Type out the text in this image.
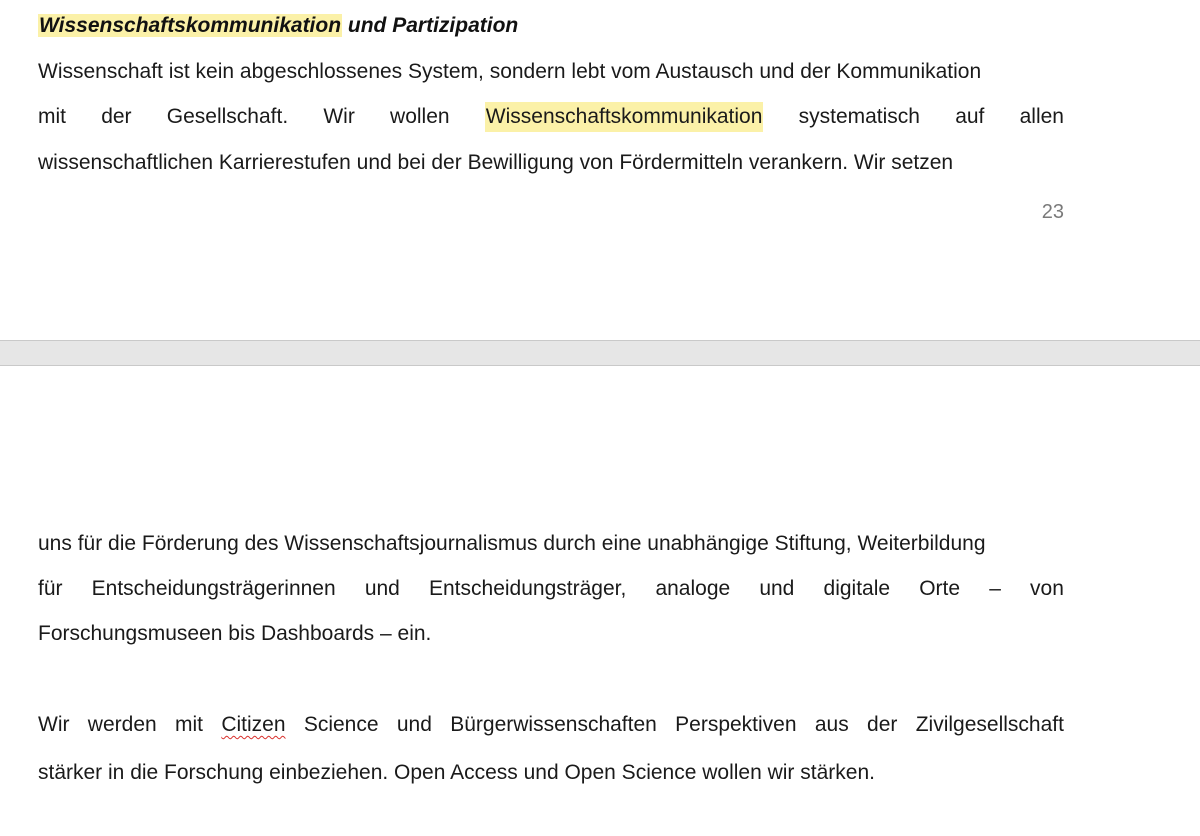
Wissenschaftskommunikation und Partizipation
Wissenschaft ist kein abgeschlossenes System, sondern lebt vom Austausch und der Kommunikation
mit der Gesellschaft. Wir wollen Wissenschaftskommunikation systematisch auf allen
wissenschaftlichen Karrierestufen und bei der Bewilligung von Fördermitteln verankern. Wir setzen
23
uns für die Förderung des Wissenschaftsjournalismus durch eine unabhängige Stiftung, Weiterbildung
für Entscheidungsträgerinnen und Entscheidungsträger, analoge und digitale Orte – von
Forschungsmuseen bis Dashboards – ein.
Wir werden mit Citizen Science und Bürgerwissenschaften Perspektiven aus der Zivilgesellschaft
stärker in die Forschung einbeziehen. Open Access und Open Science wollen wir stärken.
